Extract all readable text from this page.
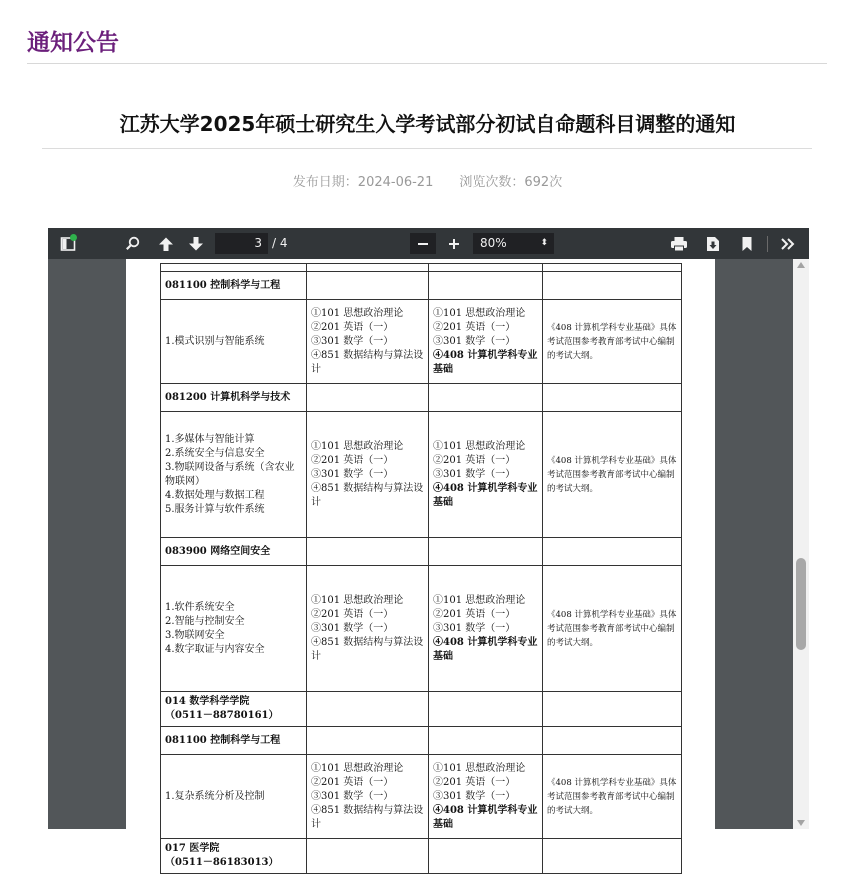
通知公告
江苏大学2025年硕士研究生入学考试部分初试自命题科目调整的通知
发布日期：2024-06-21 浏览次数：692次
3 / 4	80%	⬍

081100 控制科学与工程			

1.模式识别与智能系统	①101 思想政治理论
②201 英语（一）
③301 数学（一）
④851 数据结构与算法设计	①101 思想政治理论
②201 英语（一）
③301 数学（一）
④408 计算机学科专业基础	《408 计算机学科专业基础》具体考试范围参考教育部考试中心编制的考试大纲。

081200 计算机科学与技术			

1.多媒体与智能计算
2.系统安全与信息安全
3.物联网设备与系统（含农业物联网）
4.数据处理与数据工程
5.服务计算与软件系统	①101 思想政治理论
②201 英语（一）
③301 数学（一）
④851 数据结构与算法设计	①101 思想政治理论
②201 英语（一）
③301 数学（一）
④408 计算机学科专业基础	《408 计算机学科专业基础》具体考试范围参考教育部考试中心编制的考试大纲。

083900 网络空间安全			

1.软件系统安全
2.智能与控制安全
3.物联网安全
4.数字取证与内容安全	①101 思想政治理论
②201 英语（一）
③301 数学（一）
④851 数据结构与算法设计	①101 思想政治理论
②201 英语（一）
③301 数学（一）
④408 计算机学科专业基础	《408 计算机学科专业基础》具体考试范围参考教育部考试中心编制的考试大纲。

014 数学科学学院
（0511－88780161）			

081100 控制科学与工程			

1.复杂系统分析及控制	①101 思想政治理论
②201 英语（一）
③301 数学（一）
④851 数据结构与算法设计	①101 思想政治理论
②201 英语（一）
③301 数学（一）
④408 计算机学科专业基础	《408 计算机学科专业基础》具体考试范围参考教育部考试中心编制的考试大纲。

017 医学院
（0511－86183013）			
